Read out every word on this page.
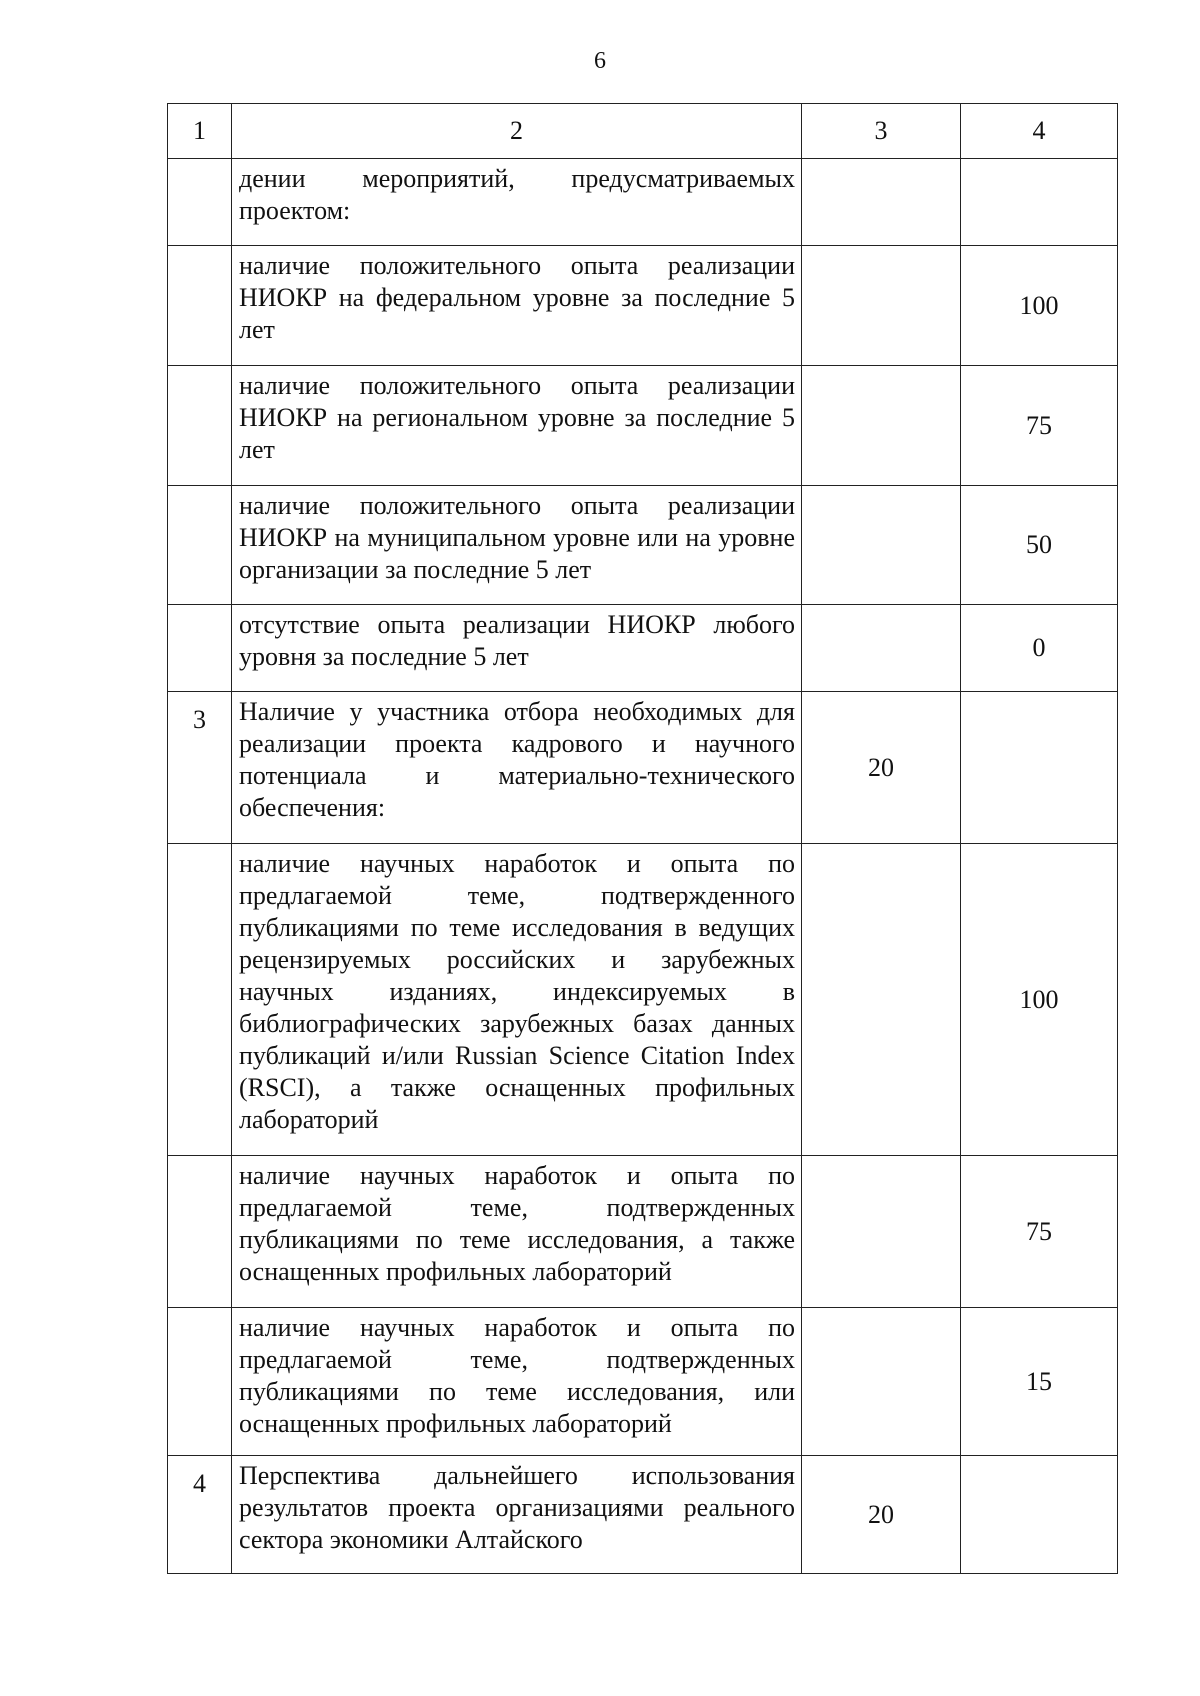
6
1	2	3	4

	дении мероприятий, предусматриваемых проектом:		

	наличие положительного опыта реализации НИОКР на федеральном уровне за последние 5 лет		100

	наличие положительного опыта реализации НИОКР на региональном уровне за последние 5 лет		75

	наличие положительного опыта реализации НИОКР на муниципальном уровне или на уровне организации за последние 5 лет		50

	отсутствие опыта реализации НИОКР любого уровня за последние 5 лет		0
3	Наличие у участника отбора необходимых для реализации проекта кадрового и научного потенциала и материально-технического обеспечения:	20	

	наличие научных наработок и опыта по предлагаемой теме, подтвержденного публикациями по теме исследования в ведущих рецензируемых российских и зарубежных научных изданиях, индексируемых в библиографических зарубежных базах данных публикаций и/или Russian Science Citation Index (RSCI), а также оснащенных профильных лабораторий		100

	наличие научных наработок и опыта по предлагаемой теме, подтвержденных публикациями по теме исследования, а также оснащенных профильных лабораторий		75

	наличие научных наработок и опыта по предлагаемой теме, подтвержденных публикациями по теме исследования, или оснащенных профильных лабораторий		15
4	Перспектива дальнейшего использования результатов проекта организациями реального сектора экономики Алтайского	20	
